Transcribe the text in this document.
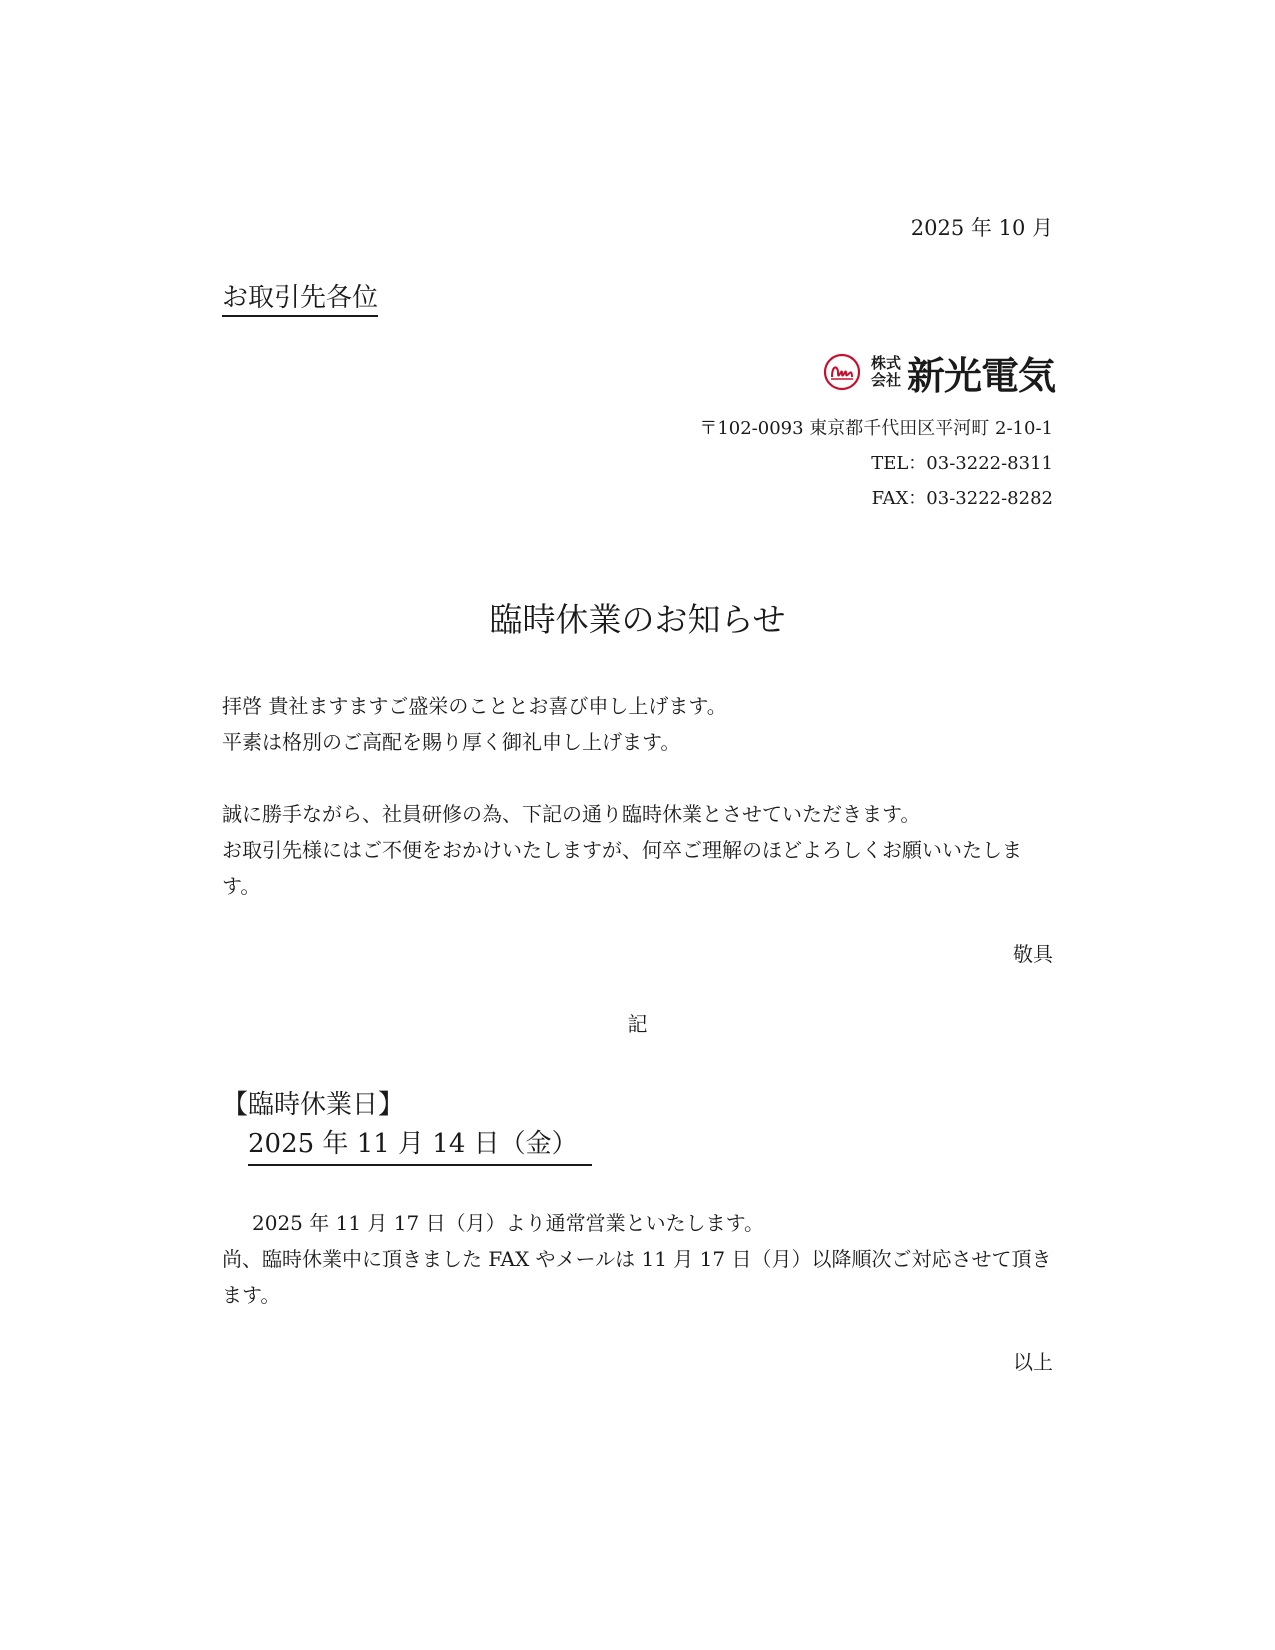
2025 年 10 月
お取引先各位
株式
会社 新光電気
〒102-0093 東京都千代田区平河町 2-10-1
TEL：03-3222-8311
FAX：03-3222-8282
臨時休業のお知らせ
拝啓 貴社ますますご盛栄のこととお喜び申し上げます。
平素は格別のご高配を賜り厚く御礼申し上げます。
誠に勝手ながら、社員研修の為、下記の通り臨時休業とさせていただきます。
お取引先様にはご不便をおかけいたしますが、何卒ご理解のほどよろしくお願いいたします。
敬具
記
【臨時休業日】
2025 年 11 月 14 日（金）
2025 年 11 月 17 日（月）より通常営業といたします。
尚、臨時休業中に頂きました FAX やメールは 11 月 17 日（月）以降順次ご対応させて頂きます。
以上
